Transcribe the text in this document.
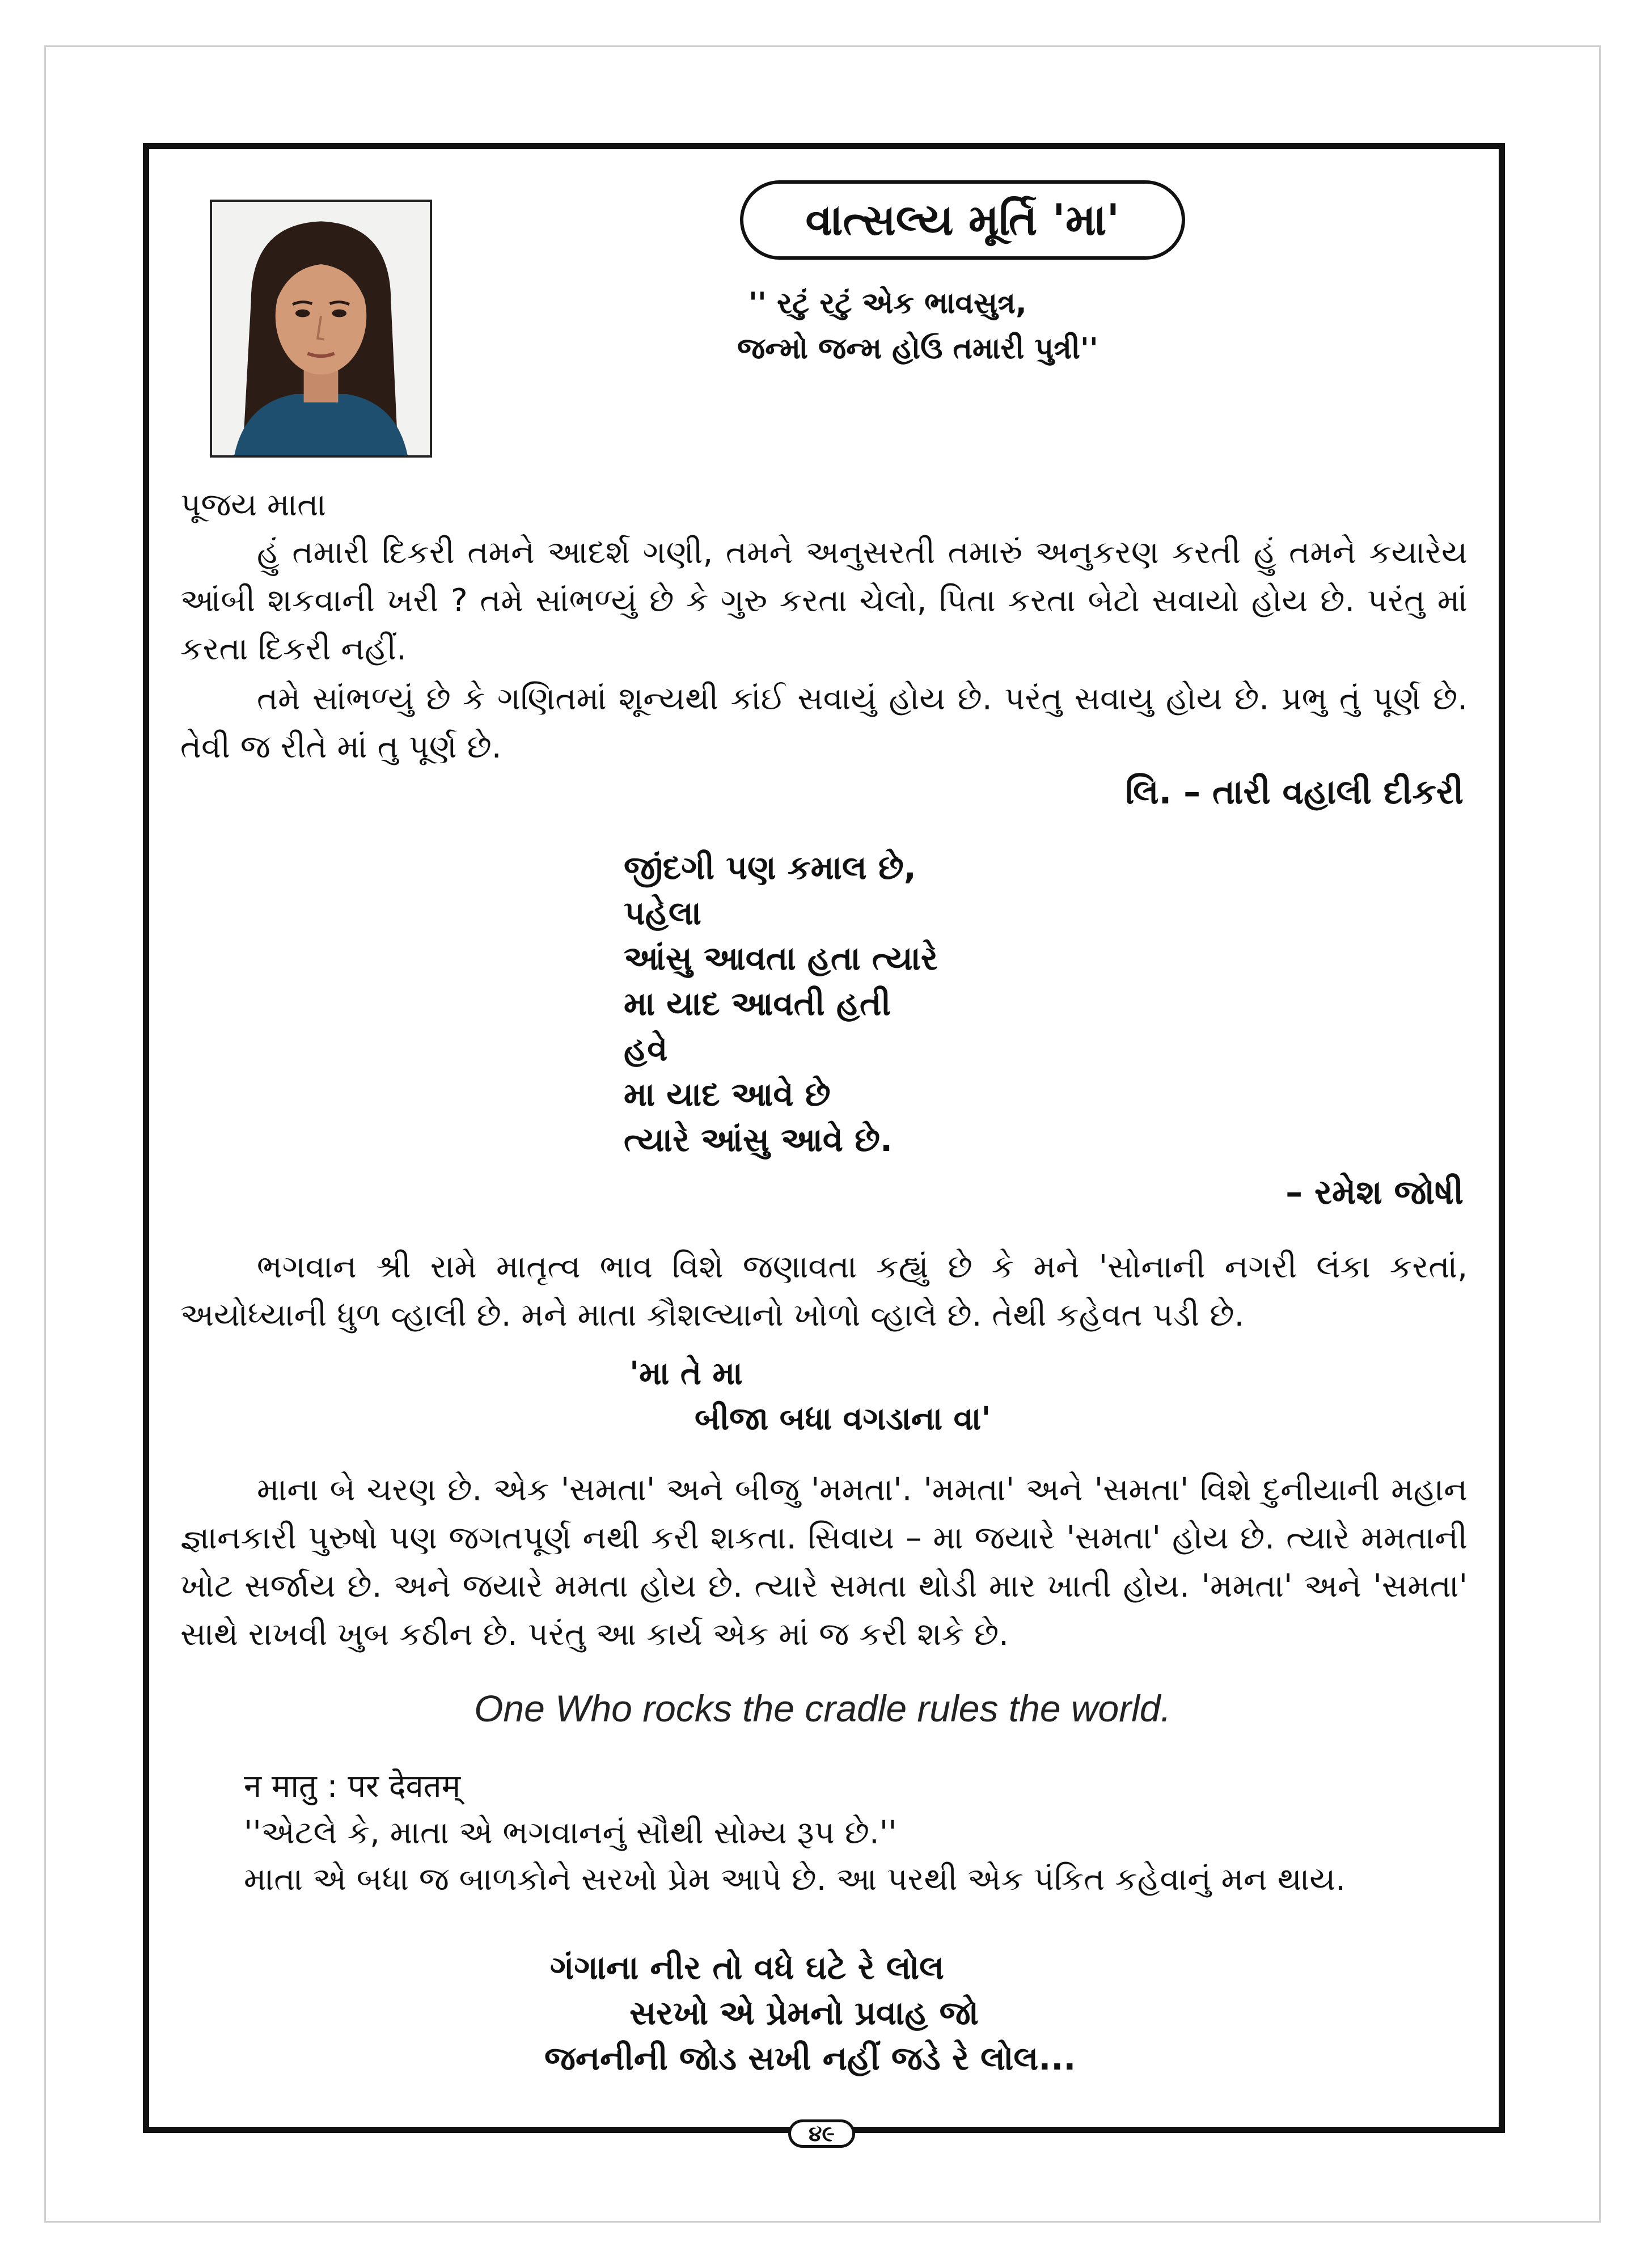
વાત્સલ્ય મૂર્તિ 'મા'
'' રટું રટું એક ભાવસુત્ર,
જન્મો જન્મ હોઉ તમારી પુત્રી''
પૂજય માતા
હું તમારી દિકરી તમને આદર્શ ગણી, તમને અનુસરતી તમારું અનુકરણ કરતી હું તમને કયારેય આંબી શકવાની ખરી ? તમે સાંભળ્યું છે કે ગુરુ કરતા ચેલો, પિતા કરતા બેટો સવાયો હોય છે. પરંતુ માં કરતા દિકરી નહીં.
તમે સાંભળ્યું છે કે ગણિતમાં શૂન્યથી કાંઈ સવાયું હોય છે. પરંતુ સવાયુ હોય છે. પ્રભુ તું પૂર્ણ છે. તેવી જ રીતે માં તુ પૂર્ણ છે.
લિ. – તારી વહાલી દીકરી
જીંદગી પણ કમાલ છે,
પહેલા
આંસુ આવતા હતા ત્યારે
મા યાદ આવતી હતી
હવે
મા યાદ આવે છે
ત્યારે આંસુ આવે છે.
– રમેશ જોષી
ભગવાન શ્રી રામે માતૃત્વ ભાવ વિશે જણાવતા કહ્યું છે કે મને 'સોનાની નગરી લંકા કરતાં, અયોધ્યાની ધુળ વ્હાલી છે. મને માતા કૌશલ્યાનો ખોળો વ્હાલે છે. તેથી કહેવત પડી છે.
'મા તે મા
બીજા બધા વગડાના વા'
માના બે ચરણ છે. એક 'સમતા' અને બીજુ 'મમતા'. 'મમતા' અને 'સમતા' વિશે દુનીયાની મહાન જ્ઞાનકારી પુરુષો પણ જગતપૂર્ણ નથી કરી શકતા. સિવાય – મા જયારે 'સમતા' હોય છે. ત્યારે મમતાની ખોટ સર્જાય છે. અને જયારે મમતા હોય છે. ત્યારે સમતા થોડી માર ખાતી હોય. 'મમતા' અને 'સમતા' સાથે રાખવી ખુબ કઠીન છે. પરંતુ આ કાર્ય એક માં જ કરી શકે છે.
One Who rocks the cradle rules the world.
न मातु : पर देवतम्
''એટલે કે, માતા એ ભગવાનનું સૌથી સોમ્ય રૂપ છે.''
માતા એ બધા જ બાળકોને સરખો પ્રેમ આપે છે. આ પરથી એક પંકિત કહેવાનું મન થાય.
ગંગાના નીર તો વધે ઘટે રે લોલ
સરખો એ પ્રેમનો પ્રવાહ જો
જનનીની જોડ સખી નહીં જડે રે લોલ...
૪૯
